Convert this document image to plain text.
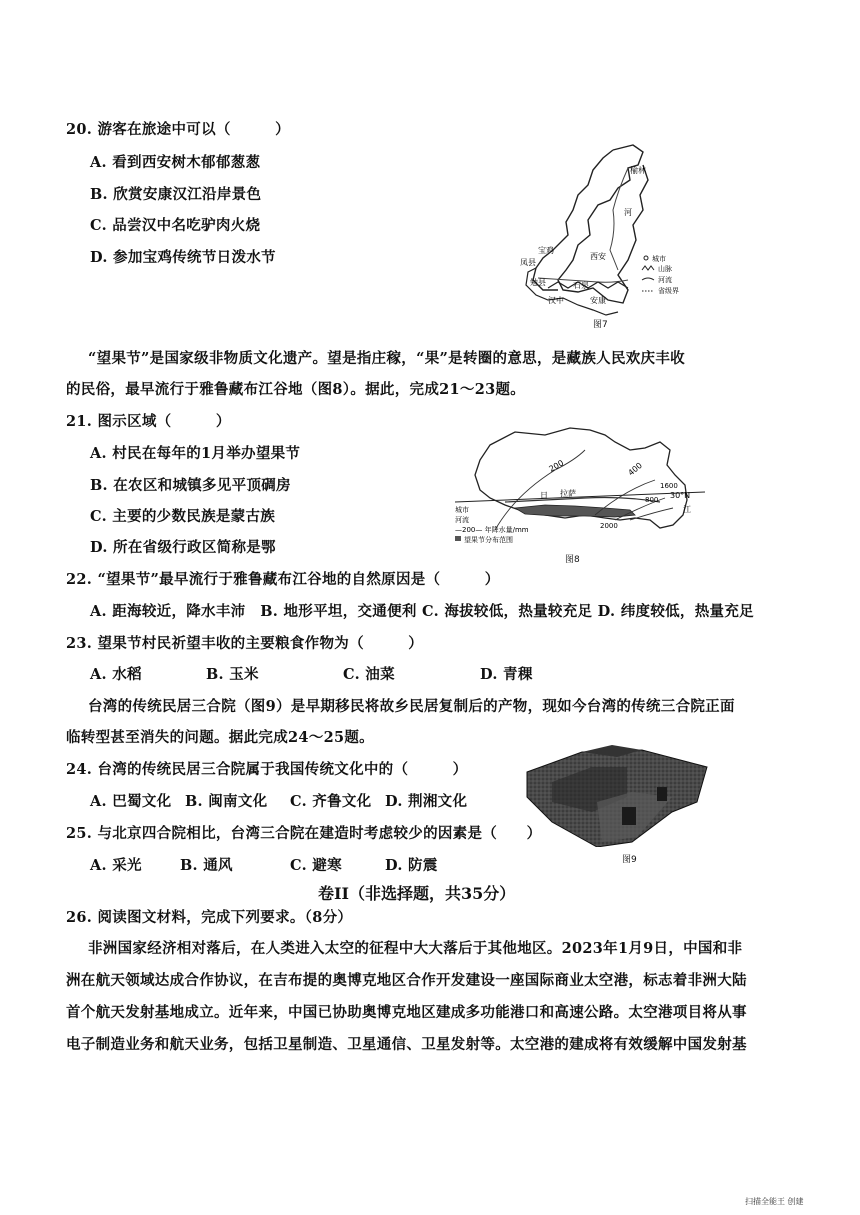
20. 游客在旅途中可以（　　　）
A. 看到西安树木郁郁葱葱
B. 欣赏安康汉江沿岸景色
C. 品尝汉中名吃驴肉火烧
D. 参加宝鸡传统节日泼水节
榆林
宝鸡
西安
凤县
汉中
石泉
勉县
安康
河
城市
山脉
河流
省级界
图7
“望果节”是国家级非物质文化遗产。望是指庄稼，“果”是转圈的意思，是藏族人民欢庆丰收
的民俗，最早流行于雅鲁藏布江谷地（图8）。据此，完成21～23题。
21. 图示区域（　　　）
A. 村民在每年的1月举办望果节
B. 在农区和城镇多见平顶碉房
C. 主要的少数民族是蒙古族
D. 所在省级行政区简称是鄂
200	400
800
1600
2000
30°N
日 拉萨
江
城市
河流
—200— 年降水量/mm
望果节分布范围
图8
22. “望果节”最早流行于雅鲁藏布江谷地的自然原因是（　　　）
A. 距海较近，降水丰沛　B. 地形平坦，交通便利 C. 海拔较低，热量较充足 D. 纬度较低，热量充足
23. 望果节村民祈望丰收的主要粮食作物为（　　　）
A. 水稻	B. 玉米	C. 油菜	D. 青稞
台湾的传统民居三合院（图9）是早期移民将故乡民居复制后的产物，现如今台湾的传统三合院正面
临转型甚至消失的问题。据此完成24～25题。
24. 台湾的传统民居三合院属于我国传统文化中的（　　　）
A. 巴蜀文化 B. 闽南文化 C. 齐鲁文化 D. 荆湘文化
图9
25. 与北京四合院相比，台湾三合院在建造时考虑较少的因素是（　　）
A. 采光	B. 通风	C. 避寒	D. 防震
卷II（非选择题，共35分）
26. 阅读图文材料，完成下列要求。（8分）
非洲国家经济相对落后，在人类进入太空的征程中大大落后于其他地区。2023年1月9日，中国和非
洲在航天领域达成合作协议，在吉布提的奥博克地区合作开发建设一座国际商业太空港，标志着非洲大陆
首个航天发射基地成立。近年来，中国已协助奥博克地区建成多功能港口和高速公路。太空港项目将从事
电子制造业务和航天业务，包括卫星制造、卫星通信、卫星发射等。太空港的建成将有效缓解中国发射基
扫描全能王 创建
